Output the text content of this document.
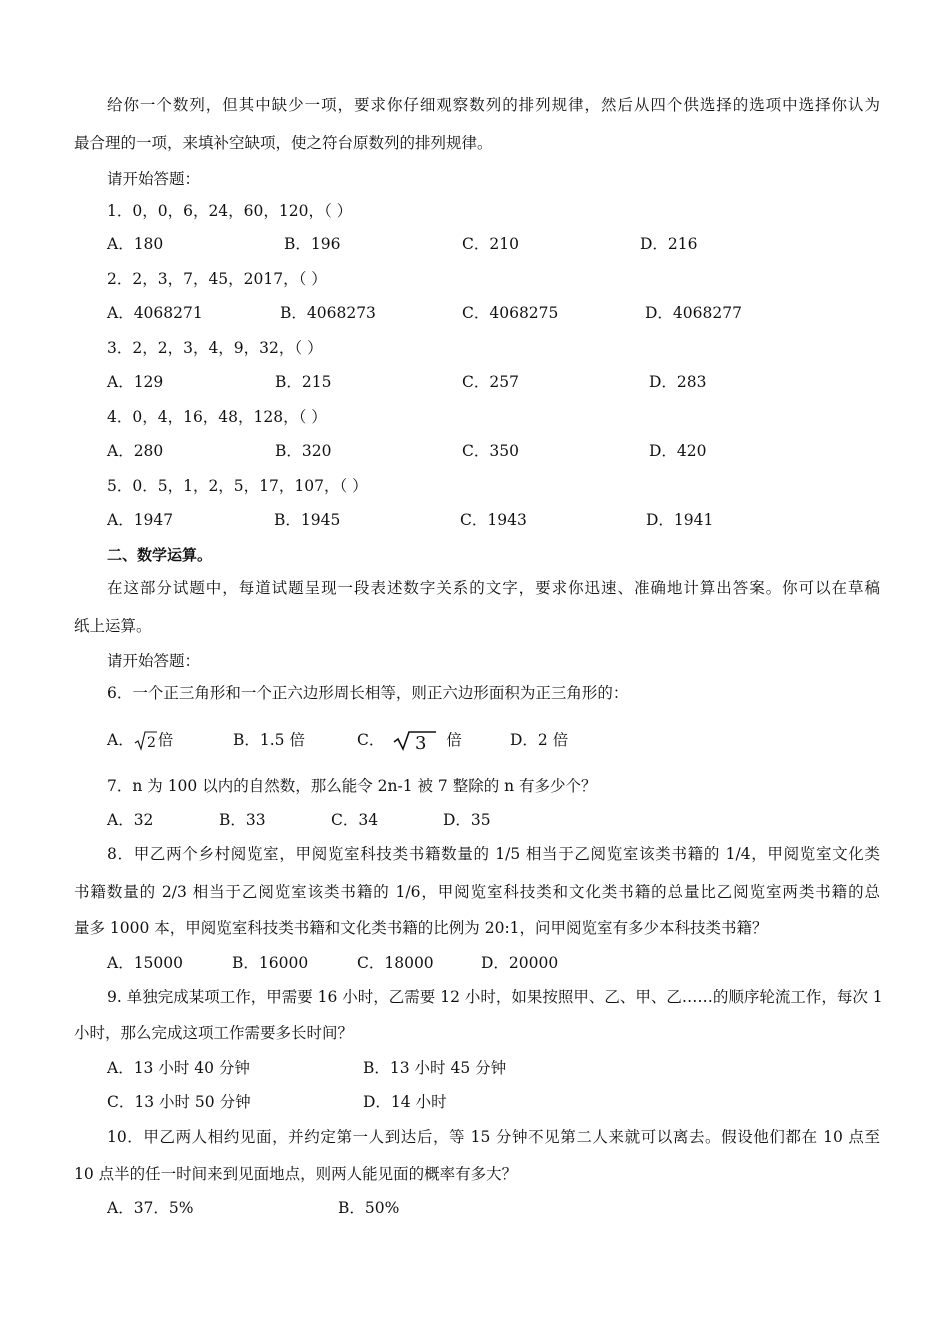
给你一个数列，但其中缺少一项，要求你仔细观察数列的排列规律，然后从四个供选择的选项中选择你认为
最合理的一项，来填补空缺项，使之符台原数列的排列规律。
请开始答题：
1．0，0，6，24，60，120，（ ）
A．180	B．196	C．210	D．216
2．2，3，7，45，2017，（ ）
A．4068271	B．4068273	C．4068275	D．4068277
3．2，2，3，4，9，32，（ ）
A．129	B．215	C．257	D．283
4．0，4，16，48，128，（ ）
A．280	B．320	C．350	D．420
5．0．5，1，2，5，17，107，（ ）
A．1947	B．1945	C．1943	D．1941
二、数学运算。
在这部分试题中，每道试题呈现一段表述数字关系的文字，要求你迅速、准确地计算出答案。你可以在草稿
纸上运算。
请开始答题：
6．一个正三角形和一个正六边形周长相等，则正六边形面积为正三角形的：
A． 2 倍	B．1.5 倍	C． 3 倍	D．2 倍
7．n 为 100 以内的自然数，那么能令 2n-1 被 7 整除的 n 有多少个？
A．32	B．33	C．34	D．35
8．甲乙两个乡村阅览室，甲阅览室科技类书籍数量的 1/5 相当于乙阅览室该类书籍的 1/4，甲阅览室文化类
书籍数量的 2/3 相当于乙阅览室该类书籍的 1/6，甲阅览室科技类和文化类书籍的总量比乙阅览室两类书籍的总
量多 1000 本，甲阅览室科技类书籍和文化类书籍的比例为 20:1，问甲阅览室有多少本科技类书籍？
A．15000	B．16000	C．18000	D．20000
9. 单独完成某项工作，甲需要 16 小时，乙需要 12 小时，如果按照甲、乙、甲、乙……的顺序轮流工作，每次 1
小时，那么完成这项工作需要多长时间？
A．13 小时 40 分钟	B．13 小时 45 分钟
C．13 小时 50 分钟	D．14 小时
10．甲乙两人相约见面，并约定第一人到达后，等 15 分钟不见第二人来就可以离去。假设他们都在 10 点至
10 点半的任一时间来到见面地点，则两人能见面的概率有多大？
A．37．5%	B．50%
